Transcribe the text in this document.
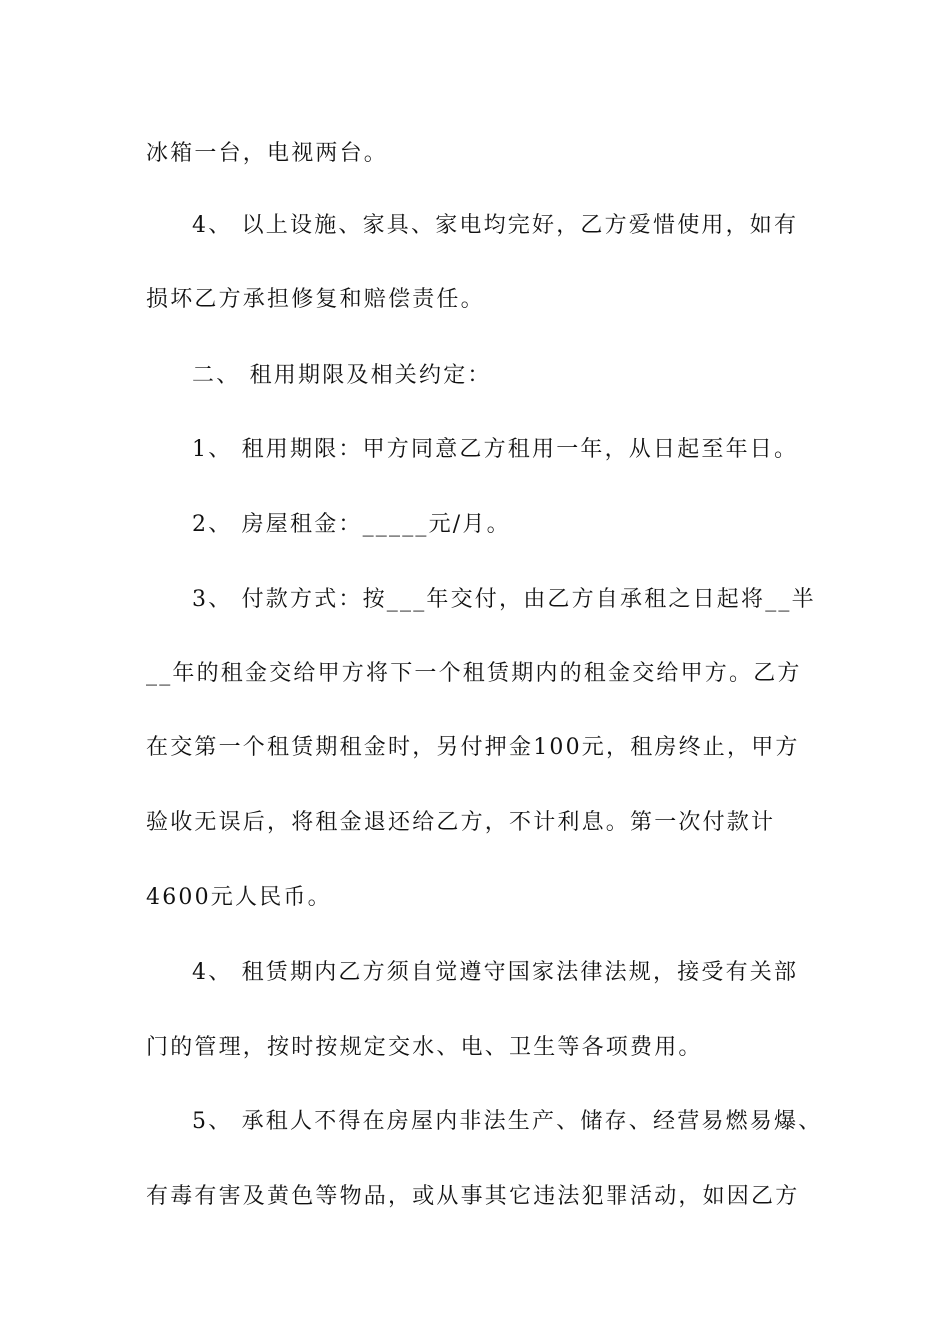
冰箱一台，电视两台。
4、 以上设施、家具、家电均完好，乙方爱惜使用，如有
损坏乙方承担修复和赔偿责任。
二、 租用期限及相关约定：
1、 租用期限：甲方同意乙方租用一年，从日起至年日。
2、 房屋租金：_____元/月。
3、 付款方式：按___年交付，由乙方自承租之日起将__半
__年的租金交给甲方将下一个租赁期内的租金交给甲方。乙方
在交第一个租赁期租金时，另付押金100元，租房终止，甲方
验收无误后，将租金退还给乙方，不计利息。第一次付款计
4600元人民币。
4、 租赁期内乙方须自觉遵守国家法律法规，接受有关部
门的管理，按时按规定交水、电、卫生等各项费用。
5、 承租人不得在房屋内非法生产、储存、经营易燃易爆、
有毒有害及黄色等物品，或从事其它违法犯罪活动，如因乙方
